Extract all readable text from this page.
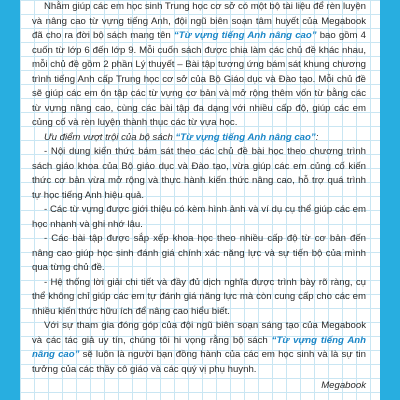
Nhằm giúp các em học sinh Trung học cơ sở có một bộ tài liệu để rèn luyện và nâng cao từ vựng tiếng Anh, đội ngũ biên soạn tâm huyết của Megabook đã cho ra đời bộ sách mang tên “Từ vựng tiếng Anh nâng cao” bao gồm 4 cuốn từ lớp 6 đến lớp 9. Mỗi cuốn sách được chia làm các chủ đề khác nhau, mỗi chủ đề gồm 2 phần Lý thuyết – Bài tập tương ứng bám sát khung chương trình tiếng Anh cấp Trung học cơ sở của Bộ Giáo dục và Đào tạo. Mỗi chủ đề sẽ giúp các em ôn tập các từ vựng cơ bản và mở rộng thêm vốn từ bằng các từ vựng nâng cao, cùng các bài tập đa dạng với nhiều cấp độ, giúp các em củng cố và rèn luyện thành thục các từ vựa học.

Ưu điểm vượt trội của bộ sách “Từ vựng tiếng Anh nâng cao”:

- Nội dung kiến thức bám sát theo các chủ đề bài học theo chương trình sách giáo khoa của Bộ giáo dục và Đào tạo, vừa giúp các em củng cố kiến thức cơ bản vừa mở rộng và thực hành kiến thức nâng cao, hỗ trợ quá trình tự học tiếng Anh hiệu quả.

- Các từ vựng được giới thiệu có kèm hình ảnh và ví dụ cụ thể giúp các em học nhanh và ghi nhớ lâu.

- Các bài tập được sắp xếp khoa học theo nhiều cấp độ từ cơ bản đến nâng cao giúp học sinh đánh giá chính xác năng lực và sự tiến bộ của mình qua từng chủ đề.

- Hệ thống lời giải chi tiết và đầy đủ dịch nghĩa được trình bày rõ ràng, cụ thể không chỉ giúp các em tự đánh giá năng lực mà còn cung cấp cho các em nhiều kiến thức hữu ích để nâng cao hiểu biết.

Với sự tham gia đóng góp của đội ngũ biên soạn sáng tạo của Megabook và các tác giả uy tín, chúng tôi hi vọng rằng bộ sách “Từ vựng tiếng Anh nâng cao” sẽ luôn là người bạn đồng hành của các em học sinh và là sự tin tưởng của các thầy cô giáo và các quý vị phụ huynh.

Megabook
